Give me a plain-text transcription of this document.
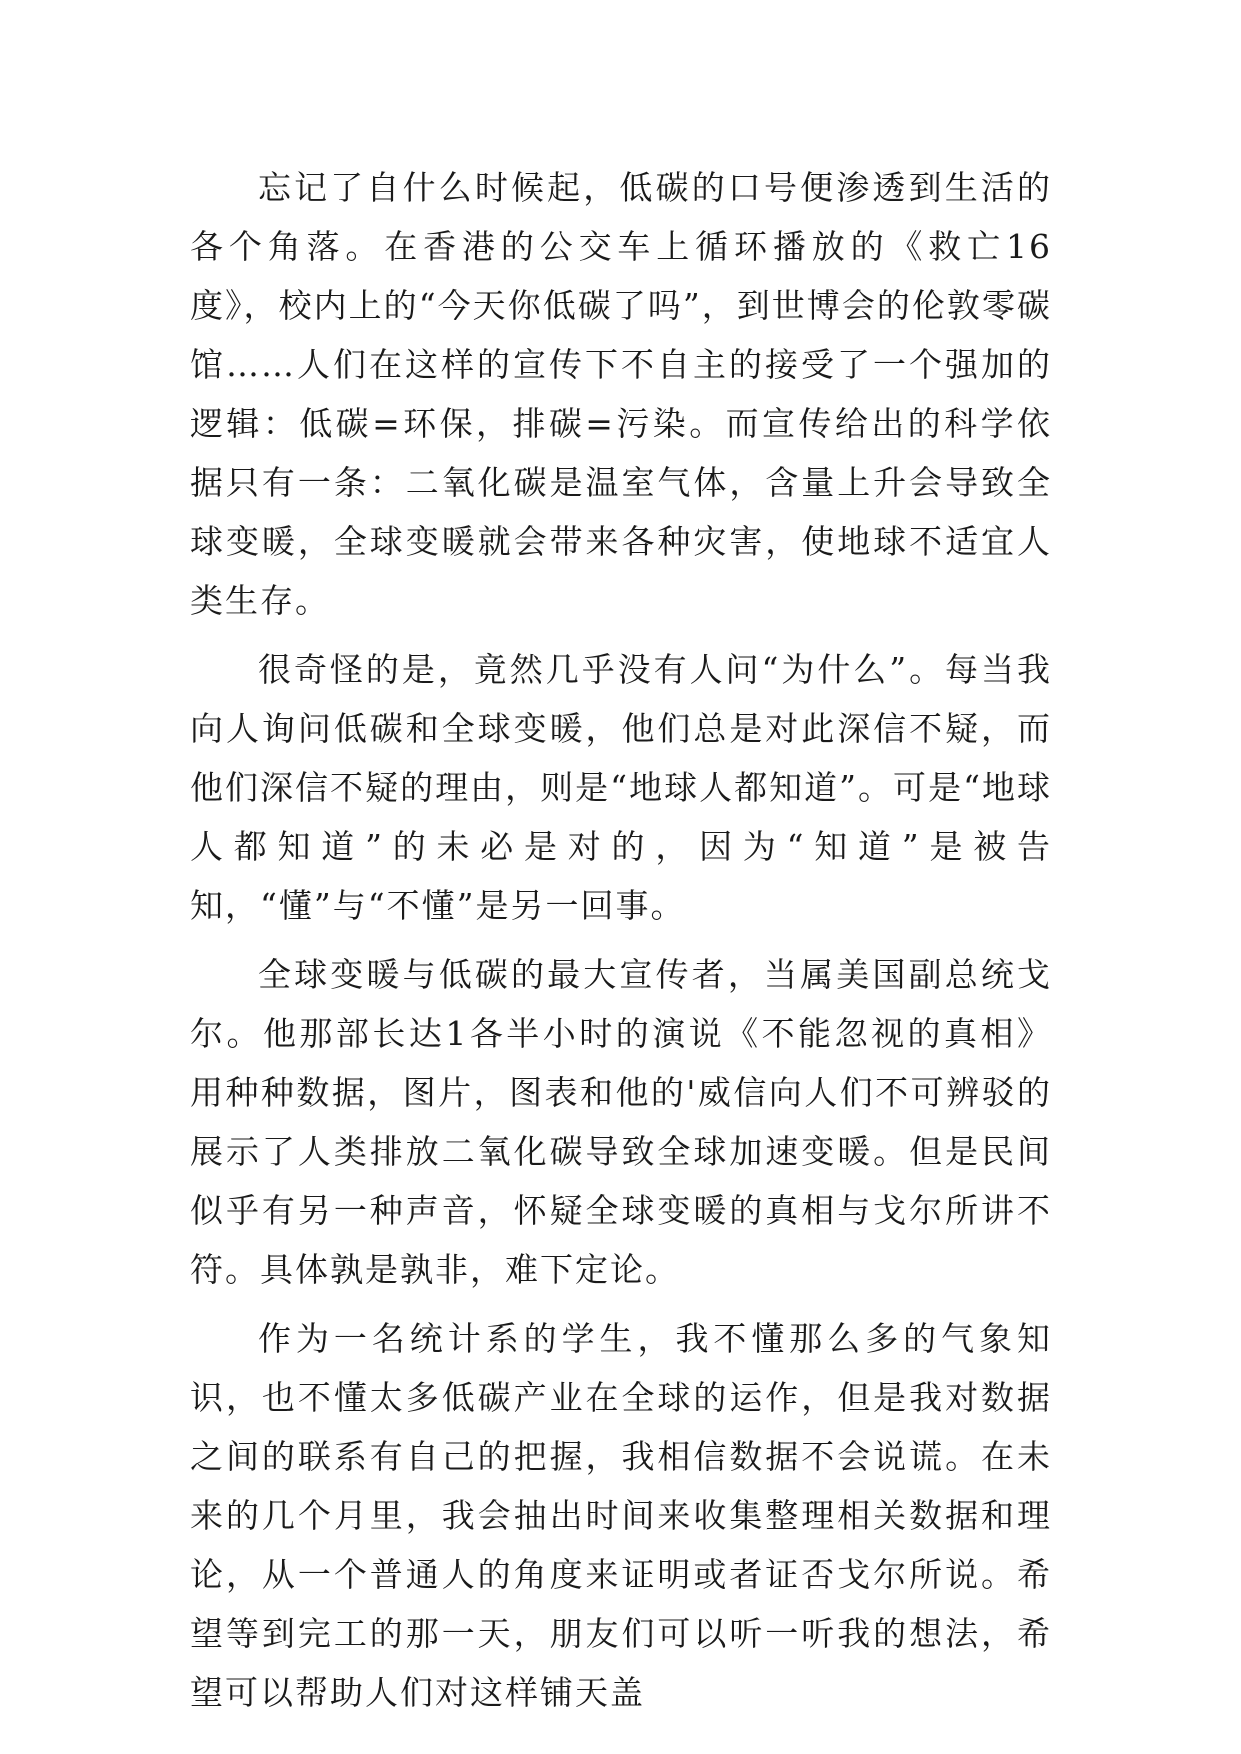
忘记了自什么时候起，低碳的口号便渗透到生活的各个角落。在香港的公交车上循环播放的《救亡16度》，校内上的“今天你低碳了吗”，到世博会的伦敦零碳馆……人们在这样的宣传下不自主的接受了一个强加的逻辑：低碳=环保，排碳=污染。而宣传给出的科学依据只有一条：二氧化碳是温室气体，含量上升会导致全球变暖，全球变暖就会带来各种灾害，使地球不适宜人类生存。

很奇怪的是，竟然几乎没有人问“为什么”。每当我向人询问低碳和全球变暖，他们总是对此深信不疑，而他们深信不疑的理由，则是“地球人都知道”。可是“地球人都知道”的未必是对的，因为“知道”是被告知，“懂”与“不懂”是另一回事。

全球变暖与低碳的最大宣传者，当属美国副总统戈尔。他那部长达1各半小时的演说《不能忽视的真相》用种种数据，图片，图表和他的'威信向人们不可辨驳的展示了人类排放二氧化碳导致全球加速变暖。但是民间似乎有另一种声音，怀疑全球变暖的真相与戈尔所讲不符。具体孰是孰非，难下定论。

作为一名统计系的学生，我不懂那么多的气象知识，也不懂太多低碳产业在全球的运作，但是我对数据之间的联系有自己的把握，我相信数据不会说谎。在未来的几个月里，我会抽出时间来收集整理相关数据和理论，从一个普通人的角度来证明或者证否戈尔所说。希望等到完工的那一天，朋友们可以听一听我的想法，希望可以帮助人们对这样铺天盖
